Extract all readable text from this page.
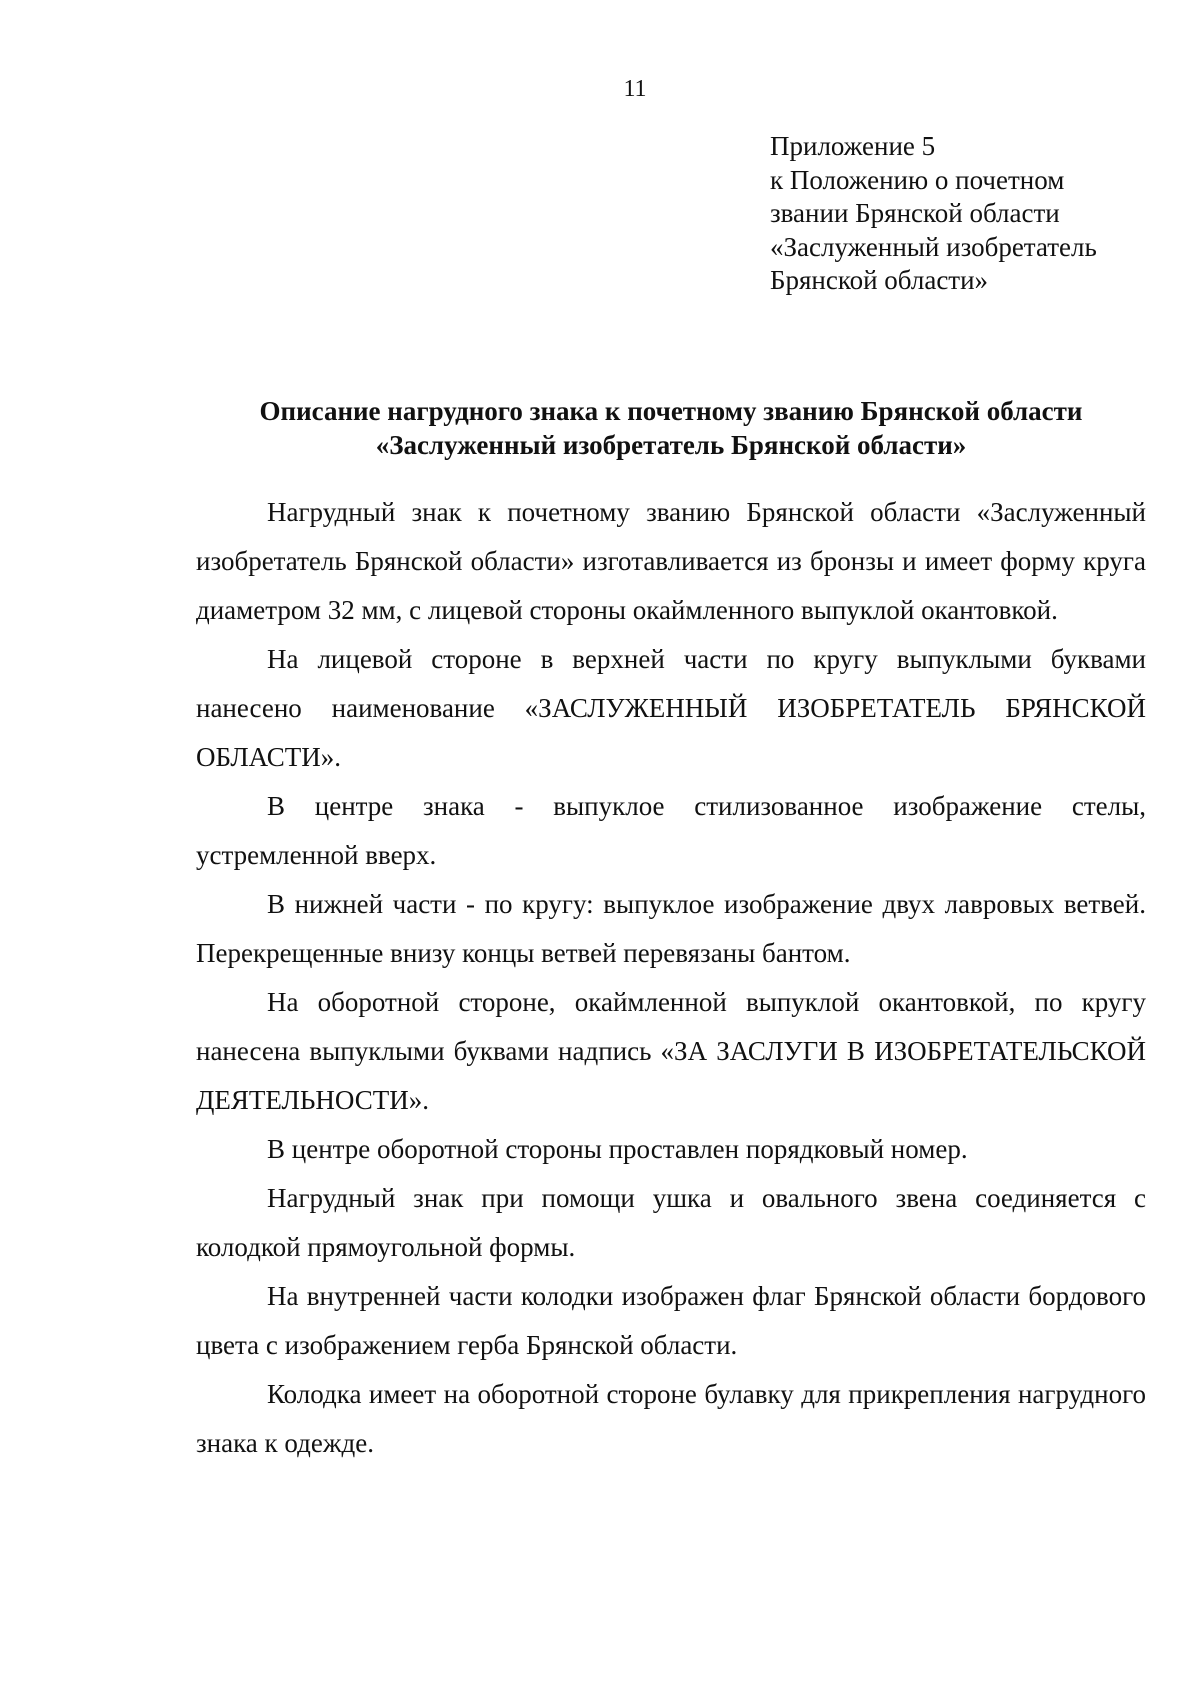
11
Приложение 5
к Положению о почетном
звании Брянской области
«Заслуженный изобретатель
Брянской области»
Описание нагрудного знака к почетному званию Брянской области
«Заслуженный изобретатель Брянской области»

Нагрудный знак к почетному званию Брянской области «Заслуженный изобретатель Брянской области» изготавливается из бронзы и имеет форму круга диаметром 32 мм, с лицевой стороны окаймленного выпуклой окантовкой.

На лицевой стороне в верхней части по кругу выпуклыми буквами нанесено наименование «ЗАСЛУЖЕННЫЙ ИЗОБРЕТАТЕЛЬ БРЯНСКОЙ ОБЛАСТИ».

В центре знака - выпуклое стилизованное изображение стелы, устремленной вверх.

В нижней части - по кругу: выпуклое изображение двух лавровых ветвей. Перекрещенные внизу концы ветвей перевязаны бантом.

На оборотной стороне, окаймленной выпуклой окантовкой, по кругу нанесена выпуклыми буквами надпись «ЗА ЗАСЛУГИ В ИЗОБРЕТАТЕЛЬСКОЙ ДЕЯТЕЛЬНОСТИ».

В центре оборотной стороны проставлен порядковый номер.

Нагрудный знак при помощи ушка и овального звена соединяется с колодкой прямоугольной формы.

На внутренней части колодки изображен флаг Брянской области бордового цвета с изображением герба Брянской области.

Колодка имеет на оборотной стороне булавку для прикрепления нагрудного знака к одежде.
